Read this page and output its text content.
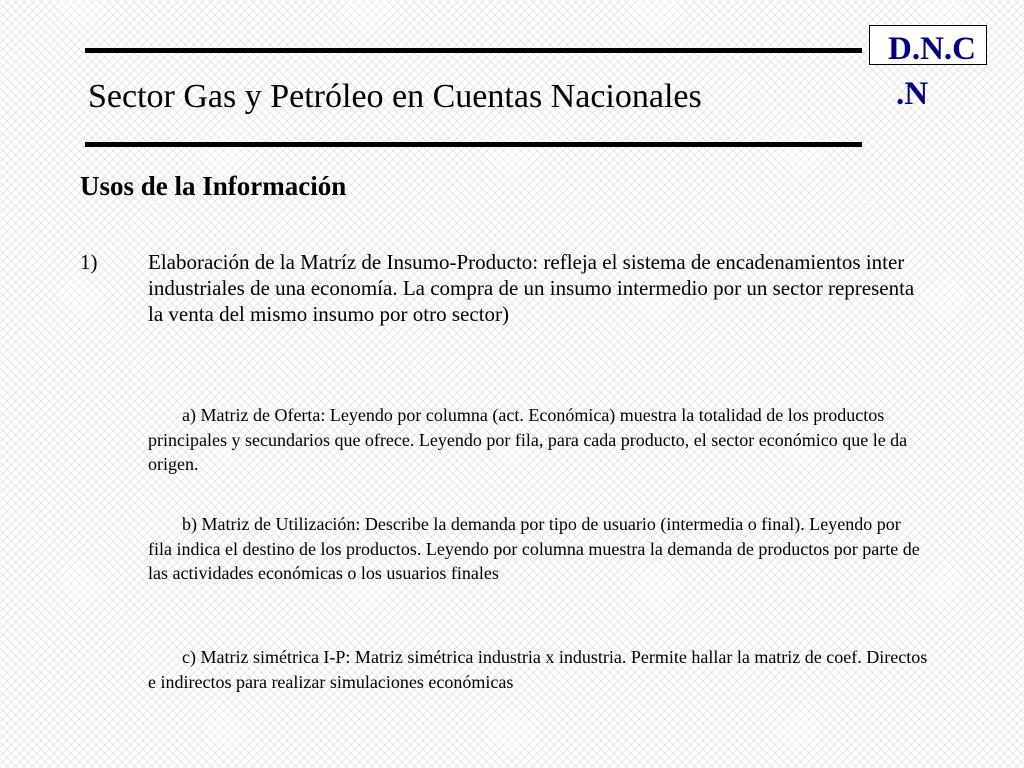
Sector Gas y Petróleo en Cuentas Nacionales
D.N.C
.N
Usos de la Información
1) Elaboración de la Matríz de Insumo-Producto: refleja el sistema de encadenamientos inter industriales de una economía. La compra de un insumo intermedio por un sector representa la venta del mismo insumo por otro sector)
a) Matriz de Oferta: Leyendo por columna (act. Económica) muestra la totalidad de los productos principales y secundarios que ofrece. Leyendo por fila, para cada producto, el sector económico que le da origen.
b) Matriz de Utilización: Describe la demanda por tipo de usuario (intermedia o final). Leyendo por fila indica el destino de los productos. Leyendo por columna muestra la demanda de productos por parte de las actividades económicas o los usuarios finales
c) Matriz simétrica I-P: Matriz simétrica industria x industria. Permite hallar la matriz de coef. Directos e indirectos para realizar simulaciones económicas
